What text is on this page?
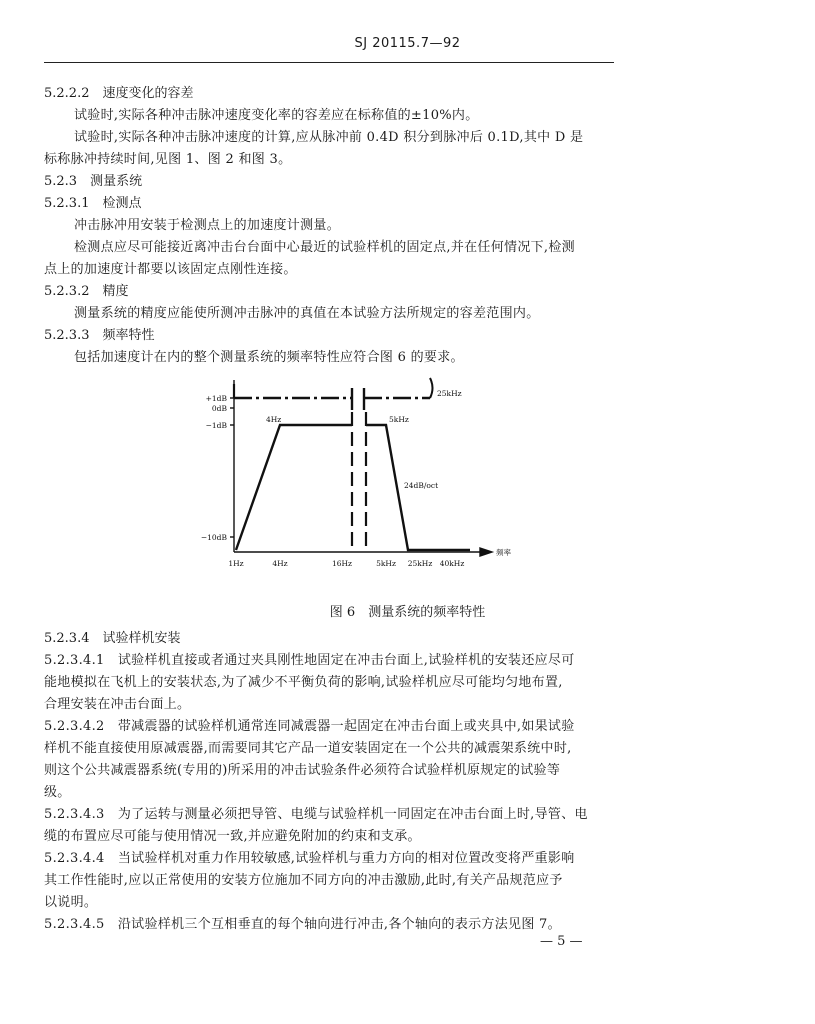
SJ 20115.7—92
5.2.2.2　速度变化的容差
试验时,实际各种冲击脉冲速度变化率的容差应在标称值的±10%内。
试验时,实际各种冲击脉冲速度的计算,应从脉冲前 0.4D 积分到脉冲后 0.1D,其中 D 是
标称脉冲持续时间,见图 1、图 2 和图 3。
5.2.3　测量系统
5.2.3.1　检测点
冲击脉冲用安装于检测点上的加速度计测量。
检测点应尽可能接近离冲击台台面中心最近的试验样机的固定点,并在任何情况下,检测
点上的加速度计都要以该固定点刚性连接。
5.2.3.2　精度
测量系统的精度应能使所测冲击脉冲的真值在本试验方法所规定的容差范围内。
5.2.3.3　频率特性
包括加速度计在内的整个测量系统的频率特性应符合图 6 的要求。
+1dB
0dB
−1dB
−10dB
1Hz	4Hz	16Hz	5kHz 25kHz 40kHz
频率
4Hz	5kHz
25kHz
24dB/oct
图 6　测量系统的频率特性
5.2.3.4　试验样机安装
5.2.3.4.1　试验样机直接或者通过夹具刚性地固定在冲击台面上,试验样机的安装还应尽可
能地模拟在飞机上的安装状态,为了减少不平衡负荷的影响,试验样机应尽可能均匀地布置,
合理安装在冲击台面上。
5.2.3.4.2　带减震器的试验样机通常连同减震器一起固定在冲击台面上或夹具中,如果试验
样机不能直接使用原减震器,而需要同其它产品一道安装固定在一个公共的减震架系统中时,
则这个公共减震器系统(专用的)所采用的冲击试验条件必须符合试验样机原规定的试验等
级。
5.2.3.4.3　为了运转与测量必须把导管、电缆与试验样机一同固定在冲击台面上时,导管、电
缆的布置应尽可能与使用情况一致,并应避免附加的约束和支承。
5.2.3.4.4　当试验样机对重力作用较敏感,试验样机与重力方向的相对位置改变将严重影响
其工作性能时,应以正常使用的安装方位施加不同方向的冲击激励,此时,有关产品规范应予
以说明。
5.2.3.4.5　沿试验样机三个互相垂直的每个轴向进行冲击,各个轴向的表示方法见图 7。
— 5 —
